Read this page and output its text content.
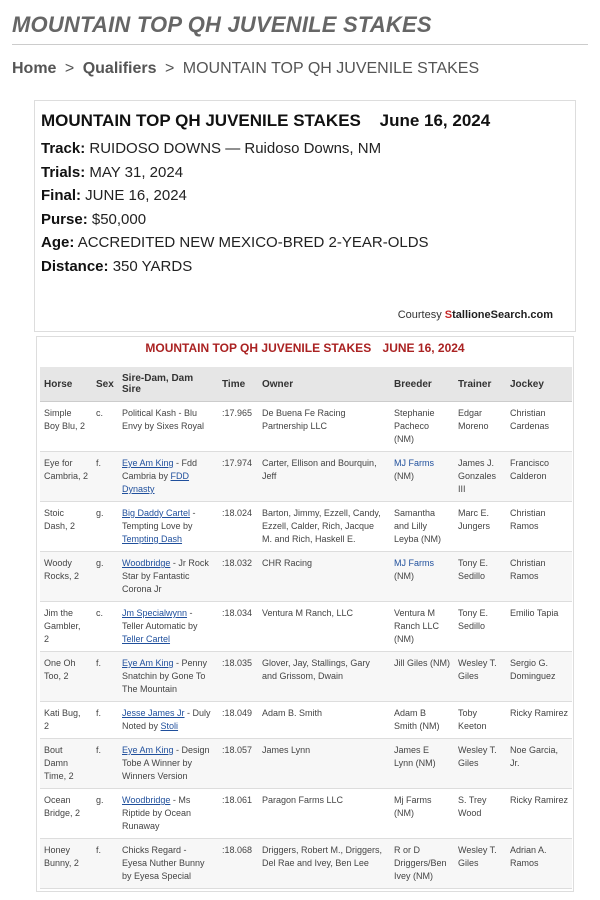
MOUNTAIN TOP QH JUVENILE STAKES
Home > Qualifiers > MOUNTAIN TOP QH JUVENILE STAKES
MOUNTAIN TOP QH JUVENILE STAKES June 16, 2024
Track: RUIDOSO DOWNS — Ruidoso Downs, NM
Trials: MAY 31, 2024
Final: JUNE 16, 2024
Purse: $50,000
Age: ACCREDITED NEW MEXICO-BRED 2-YEAR-OLDS
Distance: 350 YARDS
Courtesy StallioneSearch.com
MOUNTAIN TOP QH JUVENILE STAKES JUNE 16, 2024
Horse	Sex	Sire-Dam, Dam Sire	Time	Owner	Breeder	Trainer	Jockey
Simple Boy Blu, 2	c.	Political Kash - Blu Envy by Sixes Royal	:17.965	De Buena Fe Racing Partnership LLC	Stephanie Pacheco (NM)	Edgar Moreno	Christian Cardenas
Eye for Cambria, 2	f.	Eye Am King - Fdd Cambria by FDD Dynasty	:17.974	Carter, Ellison and Bourquin, Jeff	MJ Farms (NM)	James J. Gonzales III	Francisco Calderon
Stoic Dash, 2	g.	Big Daddy Cartel - Tempting Love by Tempting Dash	:18.024	Barton, Jimmy, Ezzell, Candy, Ezzell, Calder, Rich, Jacque M. and Rich, Haskell E.	Samantha and Lilly Leyba (NM)	Marc E. Jungers	Christian Ramos
Woody Rocks, 2	g.	Woodbridge - Jr Rock Star by Fantastic Corona Jr	:18.032	CHR Racing	MJ Farms (NM)	Tony E. Sedillo	Christian Ramos
Jim the Gambler, 2	c.	Jm Specialwynn - Teller Automatic by Teller Cartel	:18.034	Ventura M Ranch, LLC	Ventura M Ranch LLC (NM)	Tony E. Sedillo	Emilio Tapia
One Oh Too, 2	f.	Eye Am King - Penny Snatchin by Gone To The Mountain	:18.035	Glover, Jay, Stallings, Gary and Grissom, Dwain	Jill Giles (NM)	Wesley T. Giles	Sergio G. Dominguez
Kati Bug, 2	f.	Jesse James Jr - Duly Noted by Stoli	:18.049	Adam B. Smith	Adam B Smith (NM)	Toby Keeton	Ricky Ramirez
Bout Damn Time, 2	f.	Eye Am King - Design Tobe A Winner by Winners Version	:18.057	James Lynn	James E Lynn (NM)	Wesley T. Giles	Noe Garcia, Jr.
Ocean Bridge, 2	g.	Woodbridge - Ms Riptide by Ocean Runaway	:18.061	Paragon Farms LLC	Mj Farms (NM)	S. Trey Wood	Ricky Ramirez
Honey Bunny, 2	f.	Chicks Regard - Eyesa Nuther Bunny by Eyesa Special	:18.068	Driggers, Robert M., Driggers, Del Rae and Ivey, Ben Lee	R or D Driggers/Ben Ivey (NM)	Wesley T. Giles	Adrian A. Ramos
